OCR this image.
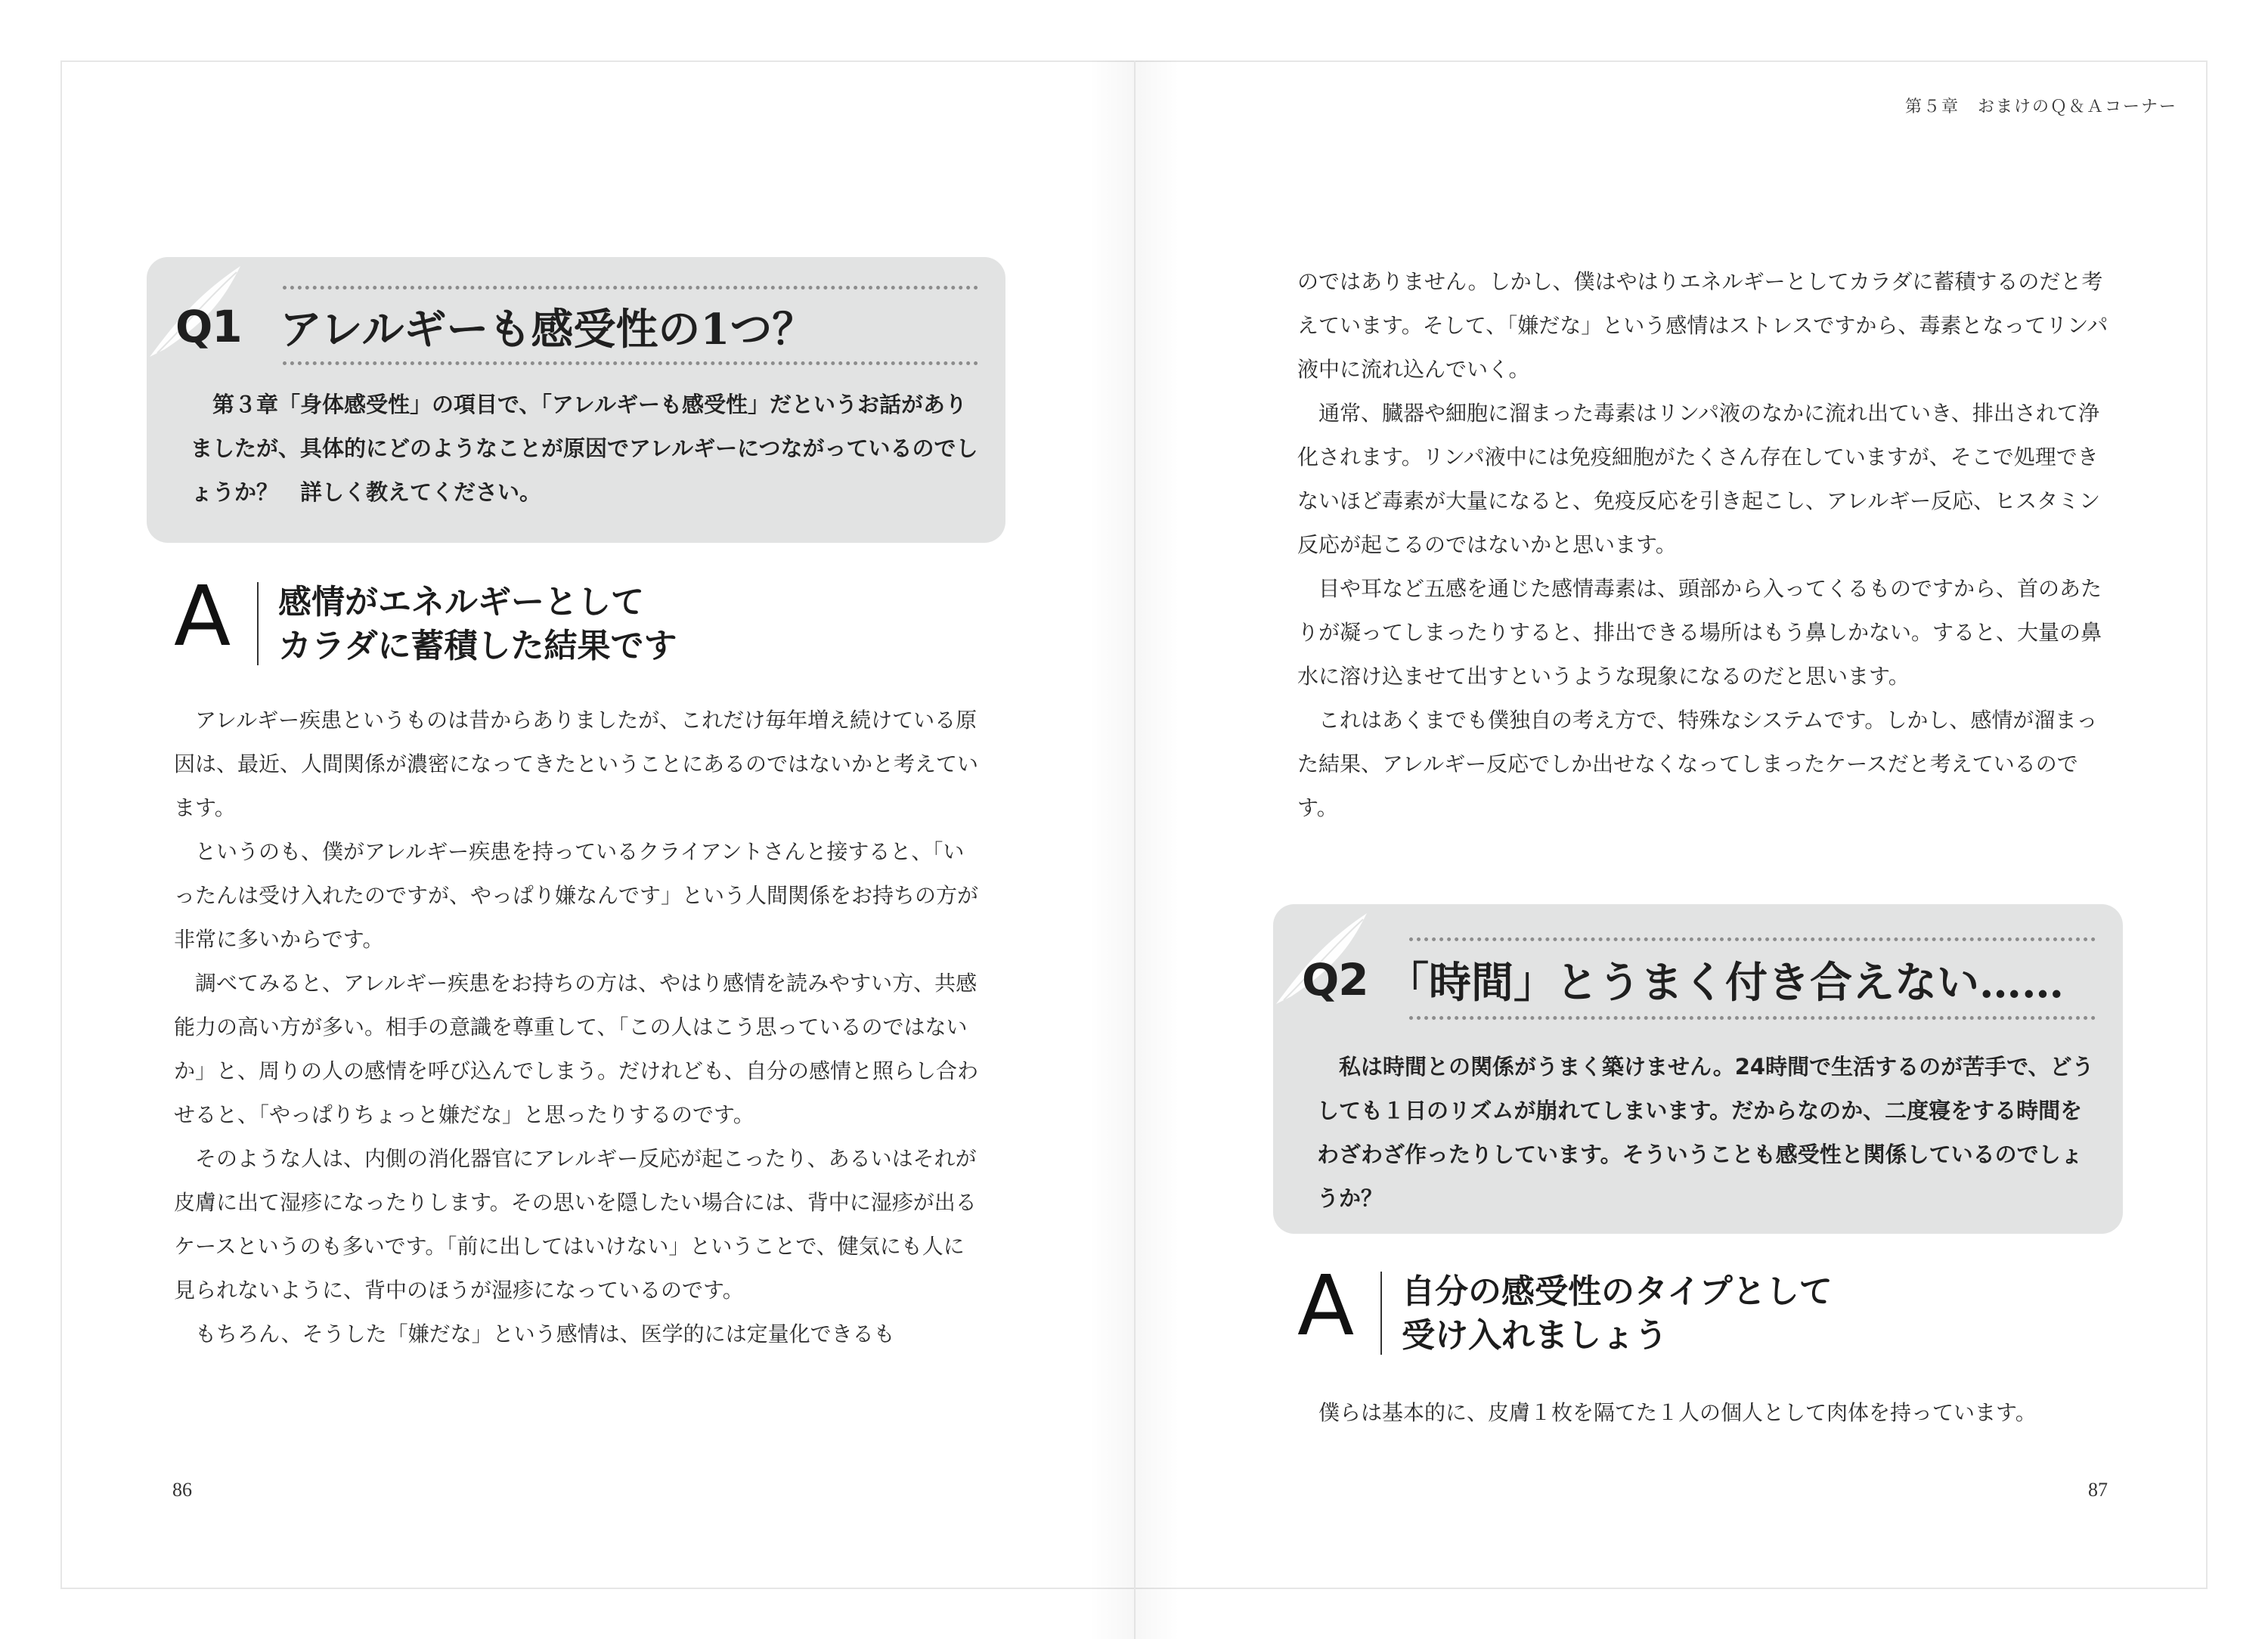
Q1 アレルギーも感受性の1つ？
第３章「身体感受性」の項目で、「アレルギーも感受性」だというお話がありましたが、具体的にどのようなことが原因でアレルギーにつながっているのでしょうか？　詳しく教えてください。
A 感情がエネルギーとして
カラダに蓄積した結果です

アレルギー疾患というものは昔からありましたが、これだけ毎年増え続けている原因は、最近、人間関係が濃密になってきたということにあるのではないかと考えています。

というのも、僕がアレルギー疾患を持っているクライアントさんと接すると、「いったんは受け入れたのですが、やっぱり嫌なんです」という人間関係をお持ちの方が非常に多いからです。

調べてみると、アレルギー疾患をお持ちの方は、やはり感情を読みやすい方、共感能力の高い方が多い。相手の意識を尊重して、「この人はこう思っているのではないか」と、周りの人の感情を呼び込んでしまう。だけれども、自分の感情と照らし合わせると、「やっぱりちょっと嫌だな」と思ったりするのです。

そのような人は、内側の消化器官にアレルギー反応が起こったり、あるいはそれが皮膚に出て湿疹になったりします。その思いを隠したい場合には、背中に湿疹が出るケースというのも多いです。「前に出してはいけない」ということで、健気にも人に見られないように、背中のほうが湿疹になっているのです。

もちろん、そうした「嫌だな」という感情は、医学的には定量化できるも

86
第５章　おまけのＱ＆Ａコーナー

のではありません。しかし、僕はやはりエネルギーとしてカラダに蓄積するのだと考えています。そして、「嫌だな」という感情はストレスですから、毒素となってリンパ液中に流れ込んでいく。

通常、臓器や細胞に溜まった毒素はリンパ液のなかに流れ出ていき、排出されて浄化されます。リンパ液中には免疫細胞がたくさん存在していますが、そこで処理できないほど毒素が大量になると、免疫反応を引き起こし、アレルギー反応、ヒスタミン反応が起こるのではないかと思います。

目や耳など五感を通じた感情毒素は、頭部から入ってくるものですから、首のあたりが凝ってしまったりすると、排出できる場所はもう鼻しかない。すると、大量の鼻水に溶け込ませて出すというような現象になるのだと思います。

これはあくまでも僕独自の考え方で、特殊なシステムです。しかし、感情が溜まった結果、アレルギー反応でしか出せなくなってしまったケースだと考えているのです。

Q2 「時間」とうまく付き合えない……
私は時間との関係がうまく築けません。24時間で生活するのが苦手で、どうしても１日のリズムが崩れてしまいます。だからなのか、二度寝をする時間をわざわざ作ったりしています。そういうことも感受性と関係しているのでしょうか？
A 自分の感受性のタイプとして
受け入れましょう

僕らは基本的に、皮膚１枚を隔てた１人の個人として肉体を持っています。

87
